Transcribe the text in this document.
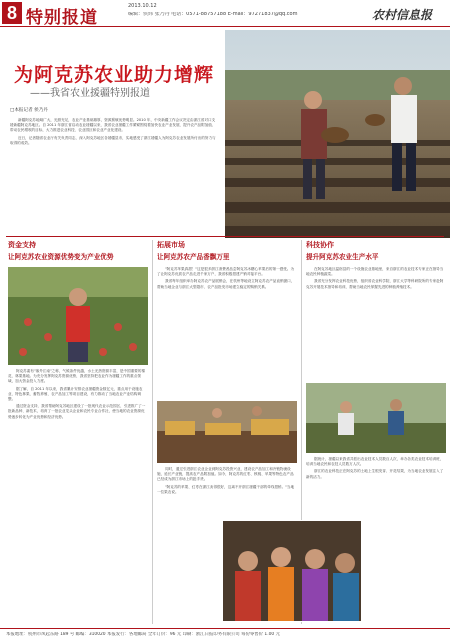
8 特别报道
2013.10.12
编辑：侯炜 张乃丹 电话：0571-88757188 E-mail：97271837@qq.com	农村信息报
为阿克苏农业助力增辉
——我省农业援疆特别报道
□本报记者 侯乃丹

新疆阿克苏地域广大，光照充足，农业产业基础雄厚，资源禀赋优势明显。2010 年，中央新疆工作会议决定由浙江省对口支援新疆阿克苏地区。自 2011 年浙江省启动农业援疆以来，我省农业援疆工作紧紧围绕着加快农业产业发展、提升农产品附加值、带动农民增收的目标，大力推进农业科技、农业园区和农业产业化建设。

近日，记者随省农业厅有关负责同志，深入阿克苏地区各援疆县市，实地感受了浙江援疆人为阿克苏农业发展所付出的努力与取得的成效。

资金支持
让阿克苏农业资源优势变为产业优势

阿克苏素有"塞外江南"之称，气候条件优越，水土光热资源丰富，是中国重要的棉花、林果基地。为充分发挥阿克苏资源优势，我省坚持把农业作为援疆工作的重点领域，加大资金投入力度。

据了解，自 2011 年以来，我省累计安排农业援疆资金数亿元，重点用于设施农业、特色林果、畜牧养殖、农产品加工等项目建设，有力推动了当地农业产业结构调整。

通过资金支持，我省帮助阿克苏地区建设了一批现代农业示范园区，引进推广了一批新品种、新技术，培育了一批农业龙头企业和农民专业合作社，使当地的农业资源优势逐步转化为产业优势和经济优势。

拓展市场
让阿克苏农产品香飘万里

"阿克苏苹果真甜！"这是很多浙江消费者品尝阿克苏冰糖心苹果后的第一感受。为了让阿克苏优质农产品走进千家万户，我省积极搭建产销对接平台。

我省每年组织举办阿克苏农产品展销会，在杭州等地设立阿克苏农产品直销窗口，帮助当地企业与浙江大型超市、农产品批发市场建立稳定的购销关系。

同时，通过引进浙江农业企业到阿克苏投资兴业，建设农产品加工和冷链物流设施，延长产业链，提高农产品附加值。如今，阿克苏的红枣、核桃、苹果等特色农产品已经成为浙江市场上的抢手货。

"阿克苏的苹果、红枣在浙江卖得很好，这离不开浙江援疆干部的牵线搭桥。"当地一位果农说。

科技协作
提升阿克苏农业生产水平

在阿克苏地区温宿县的一个设施农业基地里，来自浙江的农业技术专家正在指导当地农民种植蔬菜。

我省充分发挥农业科技优势，组织省农业科学院、浙江大学等科研院所的专家赴阿克苏开展技术指导和培训，帮助当地农民掌握先进的种植养殖技术。

据统计，援疆以来我省共派出农业技术人员数百人次，举办各类农业技术培训班，培训当地农民和农技人员数万人次。

浙江的农业科技正在阿克苏的土地上生根发芽、开花结果，为当地农业发展注入了新的活力。

本报地址：杭州市凤起东路 189 号 邮编：310020 本报发行：各地邮局 全年订价：96 元 印刷：浙江日报印务有限公司 每份零售价 1.00 元
